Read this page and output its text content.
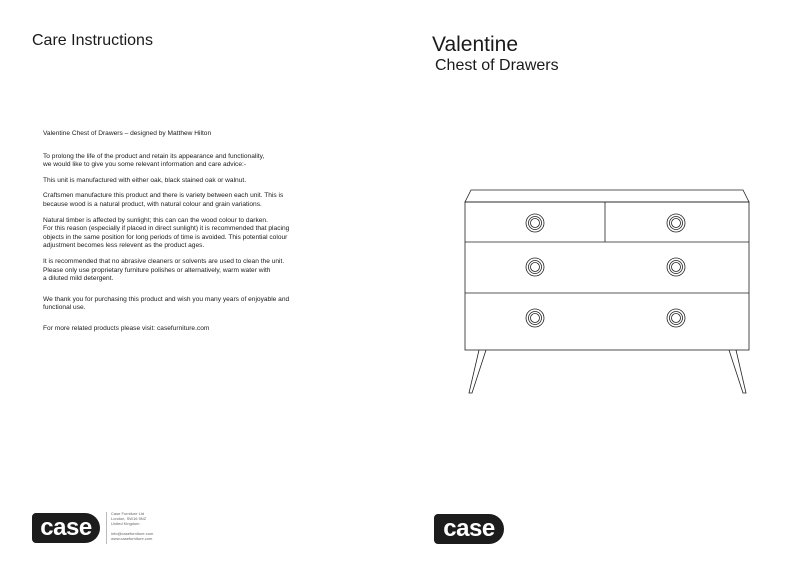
Care Instructions

Valentine Chest of Drawers – designed by Matthew Hilton

To prolong the life of the product and retain its appearance and functionality,
we would like to give you some relevant information and care advice:-

This unit is manufactured with either oak, black stained oak or walnut.

Craftsmen manufacture this product and there is variety between each unit. This is
because wood is a natural product, with natural colour and grain variations.

Natural timber is affected by sunlight; this can can the wood colour to darken.
For this reason (especially if placed in direct sunlight) it is recommended that placing
objects in the same position for long periods of time is avoided. This potential colour
adjustment becomes less relevent as the product ages.

It is recommended that no abrasive cleaners or solvents are used to clean the unit.
Please only use proprietary furniture polishes or alternatively, warm water with
a diluted mild detergent.

We thank you for purchasing this product and wish you many years of enjoyable and
functional use.

For more related products please visit: casefurniture.com

case
Case Furniture Ltd
London, SW16 5NZ
United Kingdom
info@casefurniture.com
www.casefurniture.com
Valentine
Chest of Drawers
case
